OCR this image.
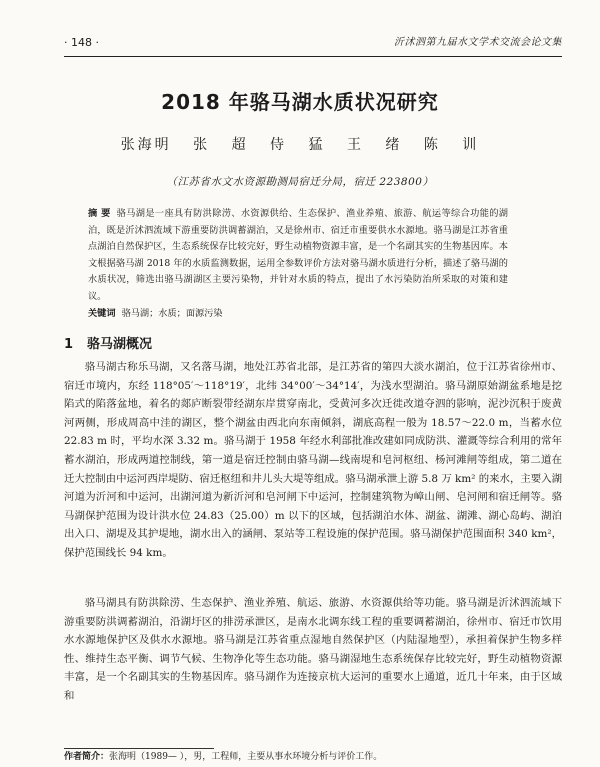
· 148 ·	沂沭泗第九届水文学术交流会论文集
2018 年骆马湖水质状况研究
张海明 张 超 侍 猛 王 绪 陈 训
（江苏省水文水资源勘测局宿迁分局，宿迁 223800）
摘 要 骆马湖是一座具有防洪除涝、水资源供给、生态保护、渔业养殖、旅游、航运等综合功能的湖泊，既是沂沭泗流域下游重要防洪调蓄湖泊，又是徐州市、宿迁市重要供水水源地。骆马湖是江苏省重点湖泊自然保护区，生态系统保存比较完好，野生动植物资源丰富，是一个名副其实的生物基因库。本文根据骆马湖 2018 年的水质监测数据，运用全参数评价方法对骆马湖水质进行分析，描述了骆马湖的水质状况，筛选出骆马湖湖区主要污染物，并针对水质的特点，提出了水污染防治所采取的对策和建议。
关键词 骆马湖；水质；面源污染
1 骆马湖概况

骆马湖古称乐马湖，又名落马湖，地处江苏省北部，是江苏省的第四大淡水湖泊，位于江苏省徐州市、宿迁市境内，东经 118°05′～118°19′，北纬 34°00′～34°14′，为浅水型湖泊。骆马湖原始湖盆系地是挖陷式的陷落盆地，着名的郯庐断裂带经湖东岸贯穿南北，受黄河多次迁徙改道夺泗的影响，泥沙沉积于废黄河两侧，形成周高中洼的湖区，整个湖盆由西北向东南倾斜，湖底高程一般为 18.57～22.0 m，当蓄水位 22.83 m 时，平均水深 3.32 m。骆马湖于 1958 年经水利部批准改建如同成防洪、灌溉等综合利用的常年蓄水湖泊，形成两道控制线，第一道是宿迁控制由骆马湖—线南堤和皂河枢纽、杨河滩闸等组成，第二道在迁大控制由中运河西岸堤防、宿迁枢纽和井儿头大堤等组成。骆马湖承泄上游 5.8 万 km² 的来水，主要入湖河道为沂河和中运河，出湖河道为新沂河和皂河闸下中运河，控制建筑物为嶂山闸、皂河闸和宿迁闸等。骆马湖保护范围为设计洪水位 24.83（25.00）m 以下的区域，包括湖泊水体、湖盆、湖滩、湖心岛屿、湖泊出入口、湖堤及其护堤地，湖水出入的涵闸、泵站等工程设施的保护范围。骆马湖保护范围面积 340 km²，保护范围线长 94 km。

骆马湖具有防洪除涝、生态保护、渔业养殖、航运、旅游、水资源供给等功能。骆马湖是沂沭泗流域下游重要防洪调蓄湖泊，沿湖圩区的排涝承泄区，是南水北调东线工程的重要调蓄湖泊，徐州市、宿迁市饮用水水源地保护区及供水水源地。骆马湖是江苏省重点湿地自然保护区（内陆湿地型），承担着保护生物多样性、维持生态平衡、调节气候、生物净化等生态功能。骆马湖湿地生态系统保存比较完好，野生动植物资源丰富，是一个名副其实的生物基因库。骆马湖作为连接京杭大运河的重要水上通道，近几十年来，由于区域和

作者简介：张海明（1989— ），男，工程师，主要从事水环境分析与评价工作。
